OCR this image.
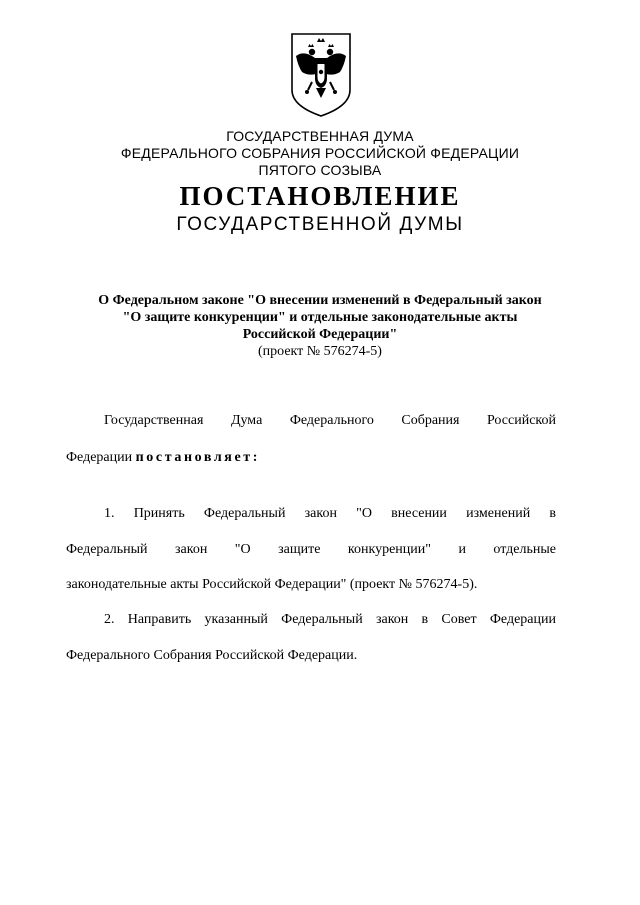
ГОСУДАРСТВЕННАЯ ДУМА
ФЕДЕРАЛЬНОГО СОБРАНИЯ РОССИЙСКОЙ ФЕДЕРАЦИИ
ПЯТОГО СОЗЫВА
ПОСТАНОВЛЕНИЕ
ГОСУДАРСТВЕННОЙ ДУМЫ
О Федеральном законе "О внесении изменений в Федеральный закон
"О защите конкуренции" и отдельные законодательные акты
Российской Федерации"
(проект № 576274-5)
Государственная Дума Федерального Собрания Российской
Федерации постановляет:
1. Принять Федеральный закон "О внесении изменений в
Федеральный закон "О защите конкуренции" и отдельные
законодательные акты Российской Федерации" (проект № 576274-5).
2. Направить указанный Федеральный закон в Совет Федерации
Федерального Собрания Российской Федерации.
